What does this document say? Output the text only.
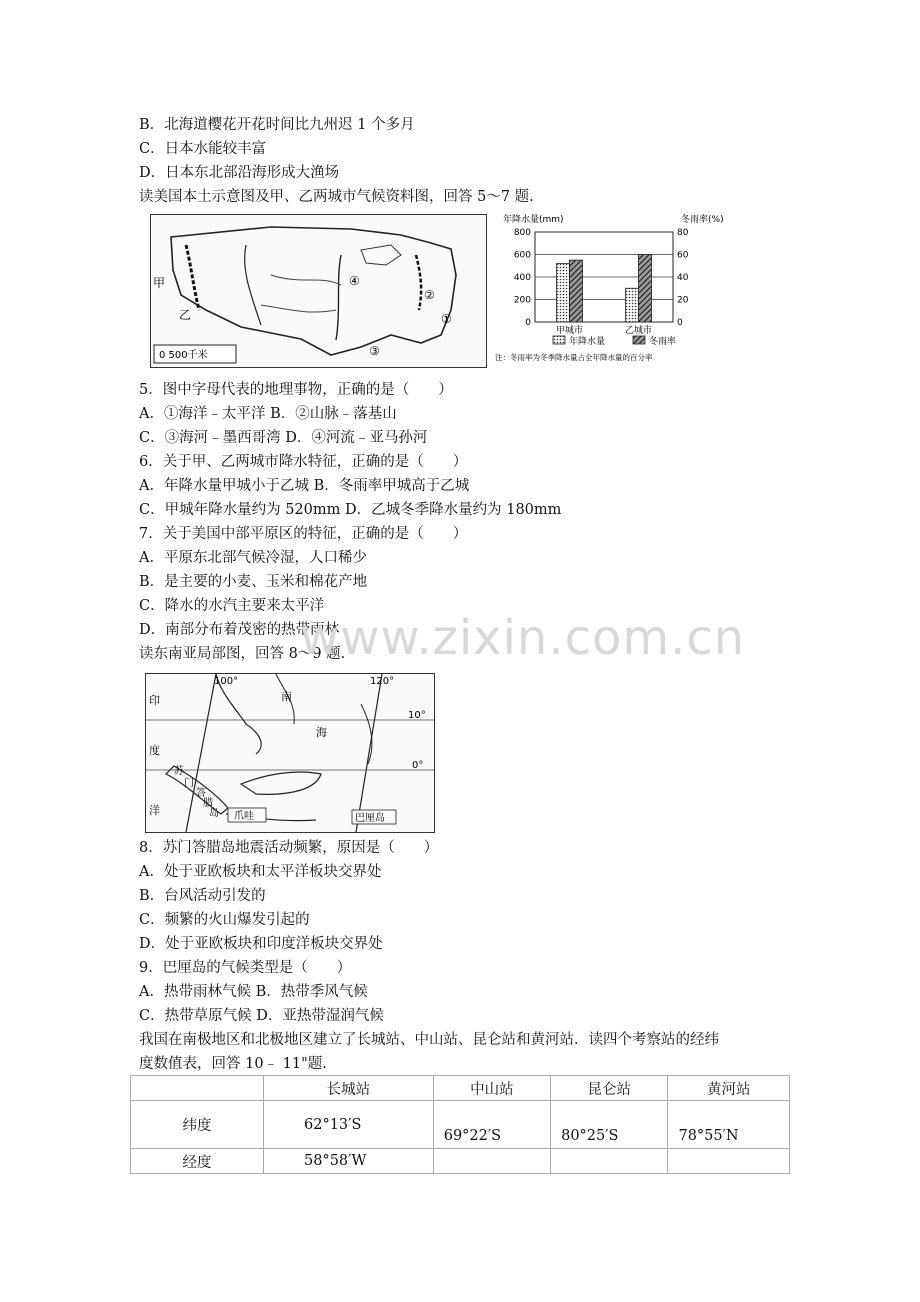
B．北海道樱花开花时间比九州迟 1 个多月
C．日本水能较丰富
D．日本东北部沿海形成大渔场
读美国本土示意图及甲、乙两城市气候资料图，回答 5～7 题.
甲
乙	①
②
③
④
0 500千米
年降水量(mm)	冬雨率(%)
800	80
600	60
400	40
200	20
0	0
甲城市	乙城市
年降水量	冬雨率
注：冬雨率为冬季降水量占全年降水量的百分率
5．图中字母代表的地理事物，正确的是（　　）
A．①海洋﹣太平洋 B．②山脉﹣落基山
C．③海河﹣墨西哥湾 D．④河流﹣亚马孙河
6．关于甲、乙两城市降水特征，正确的是（　　）
A．年降水量甲城小于乙城 B．冬雨率甲城高于乙城
C．甲城年降水量约为 520mm D．乙城冬季降水量约为 180mm
7．关于美国中部平原区的特征，正确的是（　　）
A．平原东北部气候冷湿，人口稀少
B．是主要的小麦、玉米和棉花产地
C．降水的水汽主要来太平洋
D．南部分布着茂密的热带雨林
读东南亚局部图，回答 8～9 题.
www.zixin.com.cn
印
度
洋
南
海
苏
门
答
腊
岛 爪哇	巴厘岛
100°	120°
10°
0°
8．苏门答腊岛地震活动频繁，原因是（　　）
A．处于亚欧板块和太平洋板块交界处
B．台风活动引发的
C．频繁的火山爆发引起的
D．处于亚欧板块和印度洋板块交界处
9．巴厘岛的气候类型是（　　）
A．热带雨林气候 B．热带季风气候
C．热带草原气候 D．亚热带湿润气候
我国在南极地区和北极地区建立了长城站、中山站、昆仑站和黄河站．读四个考察站的经纬
度数值表，回答 10﹣ 11"题.
	长城站	中山站	昆仑站	黄河站
纬度	62°13′S	69°22′S	80°25′S	78°55′N
经度	58°58′W			
